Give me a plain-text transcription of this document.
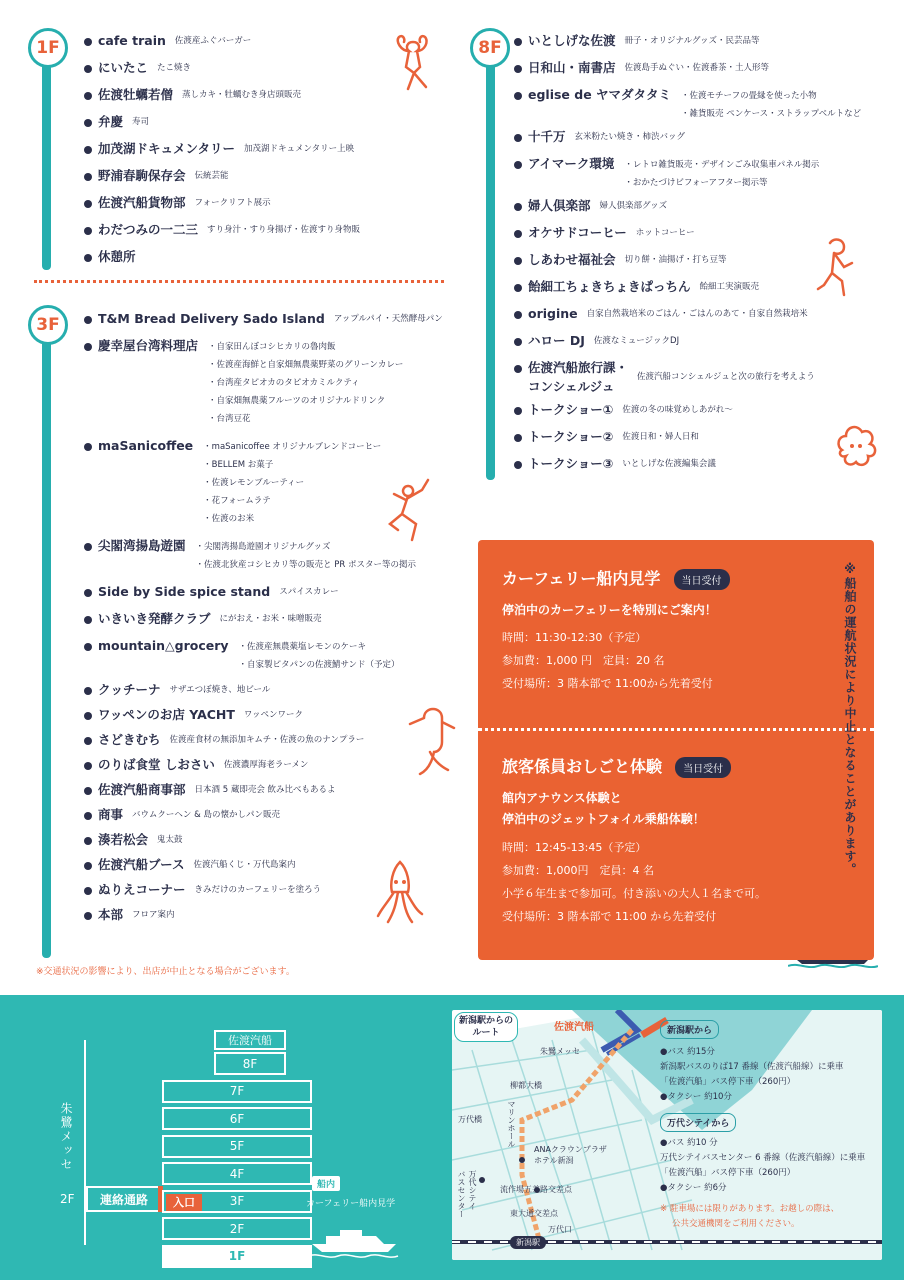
1F	cafe train 佐渡産ふぐバーガー
にいたこ たこ焼き
佐渡牡蠣若僧 蒸しカキ・牡蠣むき身店頭販売
弁慶 寿司
加茂湖ドキュメンタリー 加茂湖ドキュメンタリー上映
野浦春駒保存会 伝統芸能
佐渡汽船貨物部 フォークリフト展示
わだつみの一二三 すり身汁・すり身揚げ・佐渡すり身物販
休憩所
3F	T&M Bread Delivery Sado Island アップルパイ・天然酵母パン
慶幸屋台湾料理店 ・自家田んぼコシヒカリの魯肉飯
・佐渡産海鮮と自家畑無農薬野菜のグリーンカレー
・台湾産タピオカのタピオカミルクティ
・自家畑無農薬フルーツのオリジナルドリンク
・台湾豆花
maSanicoffee ・maSanicoffee オリジナルブレンドコーヒー
・BELLEM お菓子
・佐渡レモンブルーティー
・花フォームラテ
・佐渡のお米
尖閣湾揚島遊園 ・尖閣湾揚島遊園オリジナルグッズ
・佐渡北狄産コシヒカリ等の販売と PR ポスター等の掲示
Side by Side spice stand スパイスカレー
いきいき発酵クラブ にがおえ・お米・味噌販売
mountain△grocery ・佐渡産無農薬塩レモンのケーキ
・自家製ピタパンの佐渡鯖サンド（予定）
クッチーナ サザエつぼ焼き、地ビール
ワッペンのお店 YACHT ワッペンワーク
さどきむち 佐渡産食材の無添加キムチ・佐渡の魚のナンプラー
のりば食堂 しおさい 佐渡濃厚海老ラーメン
佐渡汽船商事部 日本酒 5 蔵即売会 飲み比べもあるよ
商事 バウムクーヘン & 島の懐かしパン販売
湊若松会 鬼太鼓
佐渡汽船ブース 佐渡汽船くじ・万代島案内
ぬりえコーナー きみだけのカーフェリーを塗ろう
本部 フロア案内
※交通状況の影響により、出店が中止となる場合がございます。
8F	いとしげな佐渡 冊子・オリジナルグッズ・民芸品等
日和山・南書店 佐渡島手ぬぐい・佐渡番茶・土人形等
eglise de ヤマダタタミ ・佐渡モチーフの畳縁を使った小物
・雑貨販売 ペンケース・ストラップベルトなど
十千万 玄米粉たい焼き・柿渋バッグ
アイマーク環境 ・レトロ雑貨販売・デザインごみ収集車パネル掲示
・おかたづけビフォーアフター掲示等
婦人倶楽部 婦人倶楽部グッズ
オケサドコーヒー ホットコーヒー
しあわせ福祉会 切り餅・油揚げ・打ち豆等
飴細工ちょきちょきぱっちん 飴細工実演販売
origine 自家自然栽培米のごはん・ごはんのあて・自家自然栽培米
ハロー DJ 佐渡なミュージックDJ
佐渡汽船旅行課・
コンシェルジュ
佐渡汽船コンシェルジュと次の旅行を考えよう
トークショー① 佐渡の冬の味覚めしあがれ〜
トークショー② 佐渡日和・婦人日和
トークショー③ いとしげな佐渡編集会議
カーフェリー船内見学 当日受付
停泊中のカーフェリーを特別にご案内！
時間：11:30-12:30（予定）
参加費：1,000 円　定員：20 名
受付場所：3 階本部で 11:00から先着受付
旅客係員おしごと体験 当日受付
館内アナウンス体験と
停泊中のジェットフォイル乗船体験！
時間：12:45-13:45（予定）
参加費：1,000円　定員：4 名
小学６年生まで参加可。付き添いの大人１名まで可。
受付場所：3 階本部で 11:00 から先着受付
※船舶の運航状況により中止となることがあります。
朱鷺メッセ
2F 連絡通路
佐渡汽船
8F
7F
6F
5F
4F
3F
入口
2F
1F
船内
カーフェリー船内見学
新潟駅からの
ルート	佐渡汽船
朱鷺メッセ
柳都大橋
万代橋	マリンホール
ANAクラウンプラザ
ホテル新潟
万代シテイ
バスセンター	流作場五差路交差点
東大通交差点
万代口
新潟駅
新潟駅から
●バス 約15分
新潟駅バスのりば17 番線（佐渡汽船線）に乗車
「佐渡汽船」バス停下車（260円）
●タクシー 約10分
万代シテイから
●バス 約10 分
万代シテイバスセンター 6 番線（佐渡汽船線）に乗車
「佐渡汽船」バス停下車（260円）
●タクシー 約6分
※ 駐車場には限りがあります。お越しの際は、
公共交通機関をご利用ください。
